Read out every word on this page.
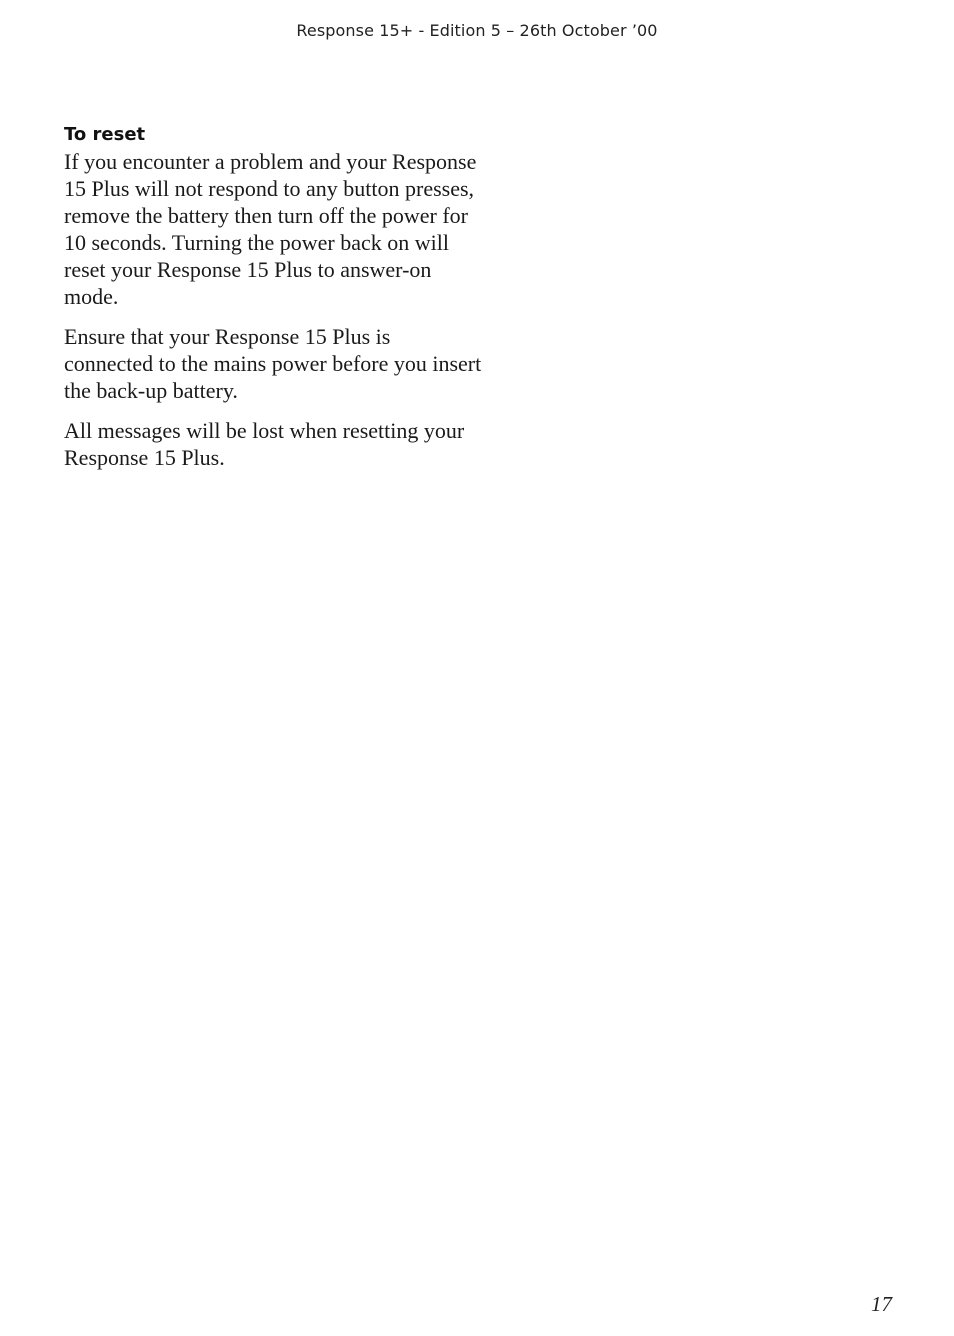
Response 15+ - Edition 5 – 26th October ’00
To reset

If you encounter a problem and your Response 15 Plus will not respond to any button presses, remove the battery then turn off the power for 10 seconds. Turning the power back on will reset your Response 15 Plus to answer-on mode.

Ensure that your Response 15 Plus is connected to the mains power before you insert the back-up battery.

All messages will be lost when resetting your Response 15 Plus.

17
